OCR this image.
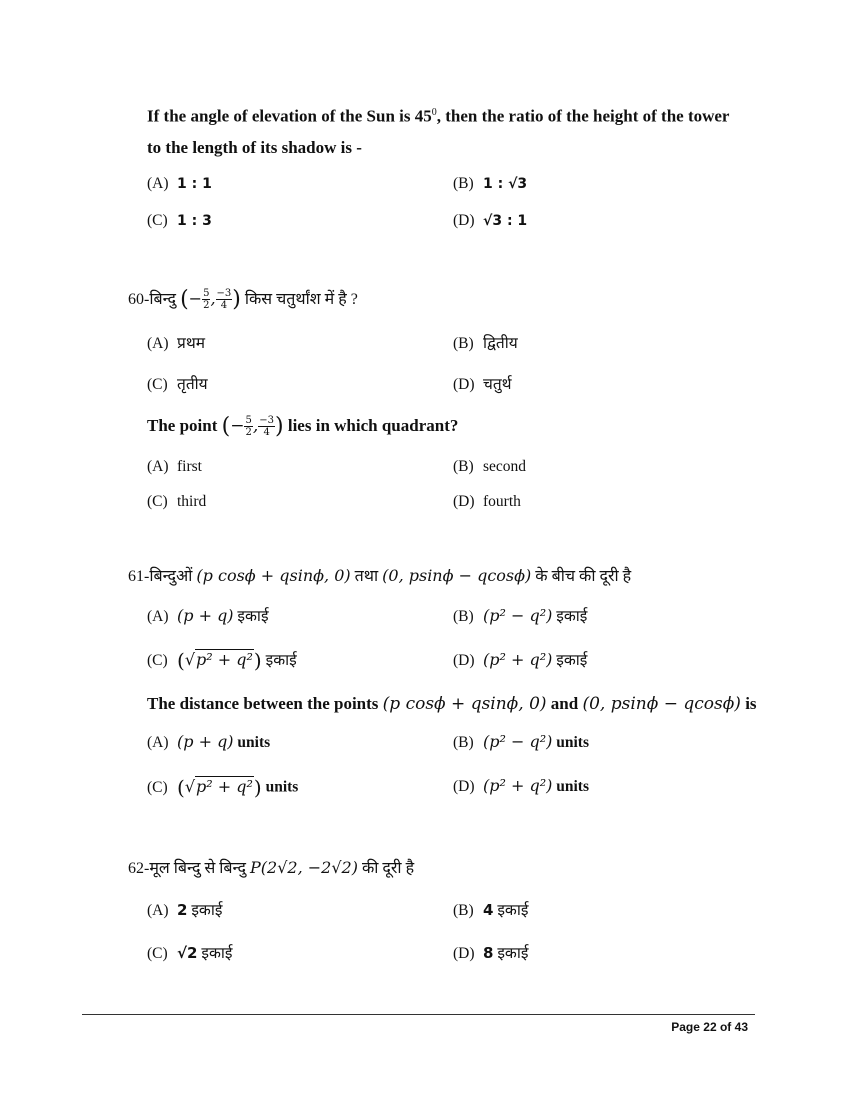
If the angle of elevation of the Sun is $45^0$, then the ratio of the height of the tower
to the length of its shadow is -
(A) 1 : 1	(B) 1 : √3
(C) 1 : 3	(D) √3 : 1
60-बिन्दु (− $\frac{5}{2}$ , $\frac{-3}{4}$ ) किस चतुर्थांश में है ?
(A) प्रथम	(B) द्वितीय
(C) तृतीय	(D) चतुर्थ
The point (− $\frac{5}{2}$ , $\frac{-3}{4}$ ) lies in which quadrant?
(A) first	(B) second
(C) third	(D) fourth
61-बिन्दुओं (p cosϕ + qsinϕ, 0) तथा (0, psinϕ − qcosϕ) के बीच की दूरी है
(A) (p + q) इकाई	(B) (p² − q²) इकाई
(C) (√p² + q²) इकाई	(D) (p² + q²) इकाई
The distance between the points (p cosϕ + qsinϕ, 0) and (0, psinϕ − qcosϕ) is
(A) (p + q) units	(B) (p² − q²) units
(C) (√p² + q²) units	(D) (p² + q²) units
62-मूल बिन्दु से बिन्दु P(2√2, −2√2) की दूरी है
(A) 2 इकाई	(B) 4 इकाई
(C) √2 इकाई	(D) 8 इकाई
Page 22 of 43
